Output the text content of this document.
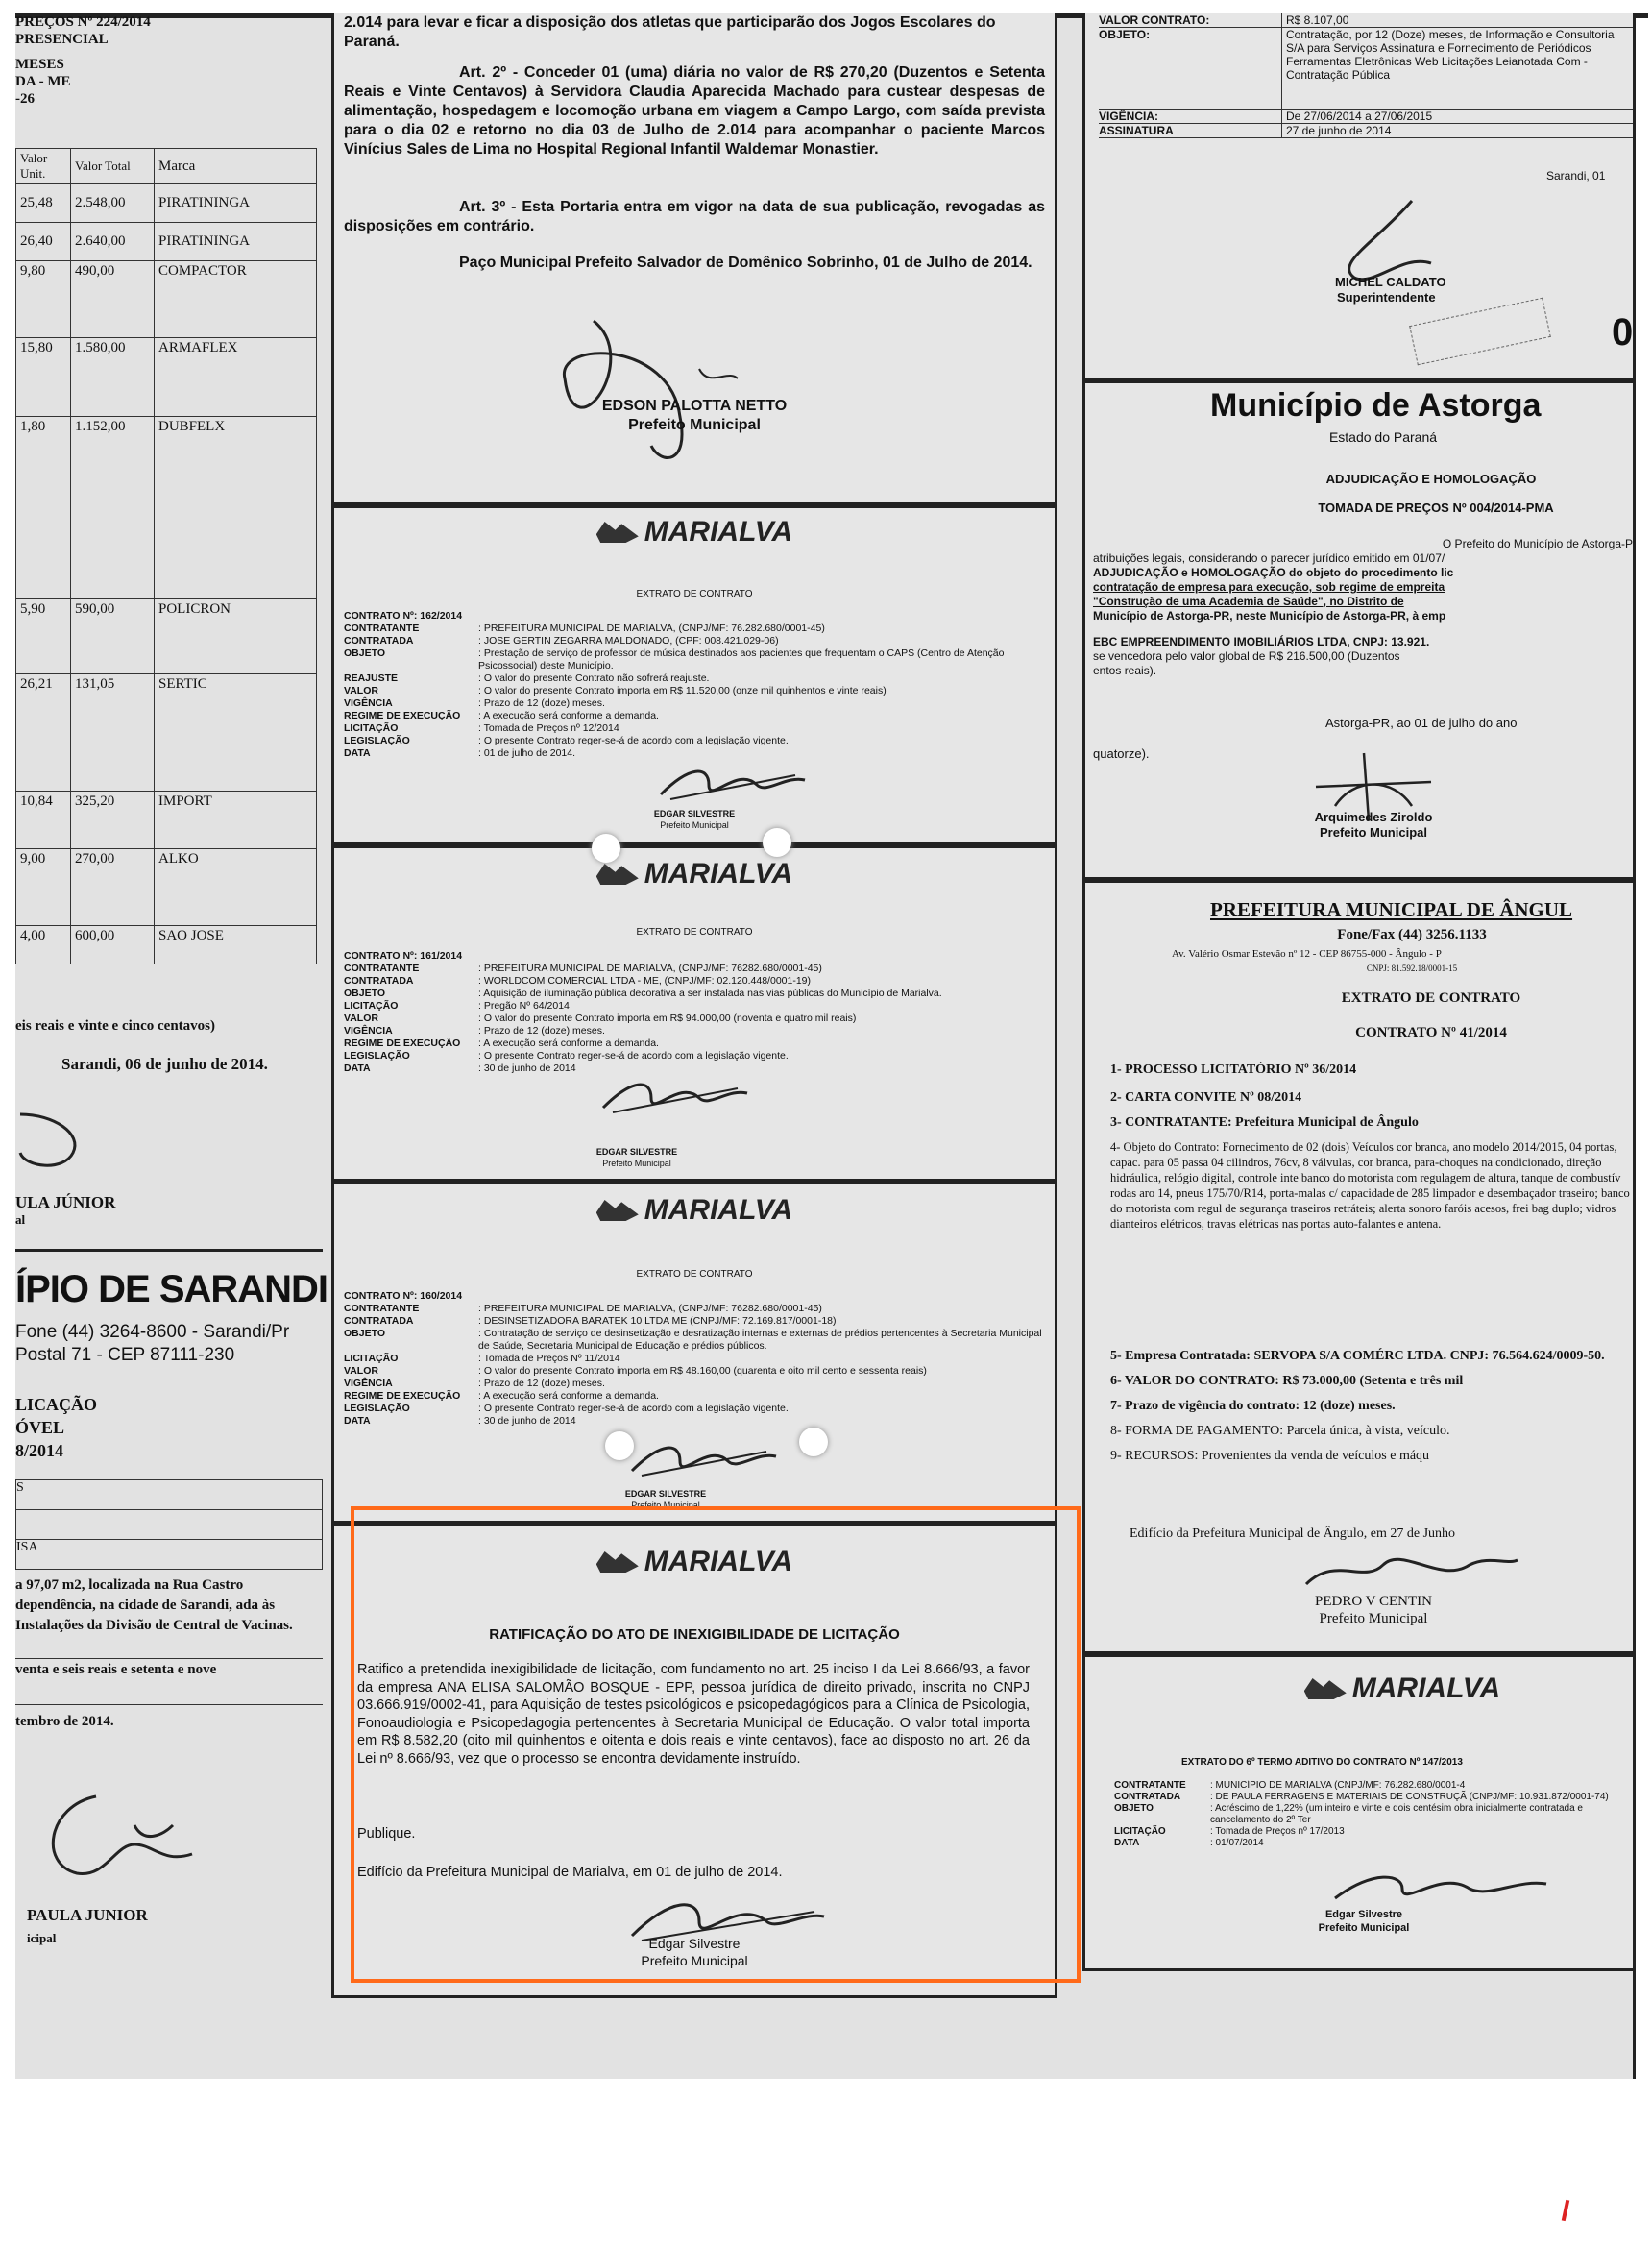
PREÇOS Nº 224/2014
PRESENCIAL
MESES
DA - ME
-26
Valor Unit.	Valor Total	Marca
25,48	2.548,00	PIRATININGA
26,40	2.640,00	PIRATININGA
9,80	490,00	COMPACTOR
15,80	1.580,00	ARMAFLEX
1,80	1.152,00	DUBFELX
5,90	590,00	POLICRON
26,21	131,05	SERTIC
10,84	325,20	IMPORT
9,00	270,00	ALKO
4,00	600,00	SAO JOSE
eis reais e vinte e cinco centavos)
Sarandi, 06 de junho de 2014.
ULA JÚNIOR
al
ÍPIO DE SARANDI
Fone (44) 3264-8600 - Sarandi/Pr
Postal 71 - CEP 87111-230
LICAÇÃO
ÓVEL
8/2014
S
ISA
a 97,07 m2, localizada na Rua Castro dependência, na cidade de Sarandi, ada às Instalações da Divisão de Central de Vacinas.
venta e seis reais e setenta e nove
tembro de 2014.
PAULA JUNIOR
icipal
2.014 para levar e ficar a disposição dos atletas que participarão dos Jogos Escolares do Paraná.
Art. 2º - Conceder 01 (uma) diária no valor de R$ 270,20 (Duzentos e Setenta Reais e Vinte Centavos) à Servidora Claudia Aparecida Machado para custear despesas de alimentação, hospedagem e locomoção urbana em viagem a Campo Largo, com saída prevista para o dia 02 e retorno no dia 03 de Julho de 2.014 para acompanhar o paciente Marcos Vinícius Sales de Lima no Hospital Regional Infantil Waldemar Monastier.
Art. 3º - Esta Portaria entra em vigor na data de sua publicação, revogadas as disposições em contrário.
Paço Municipal Prefeito Salvador de Domênico Sobrinho, 01 de Julho de 2014.
EDSON PALOTTA NETTO
Prefeito Municipal
MARIALVA
EXTRATO DE CONTRATO
CONTRATO Nº: 162/2014
CONTRATANTE	: PREFEITURA MUNICIPAL DE MARIALVA, (CNPJ/MF: 76.282.680/0001-45)
CONTRATADA	: JOSE GERTIN ZEGARRA MALDONADO, (CPF: 008.421.029-06)
OBJETO	: Prestação de serviço de professor de música destinados aos pacientes que frequentam o CAPS (Centro de Atenção Psicossocial) deste Município.
REAJUSTE	: O valor do presente Contrato não sofrerá reajuste.
VALOR	: O valor do presente Contrato importa em R$ 11.520,00 (onze mil quinhentos e vinte reais)
VIGÊNCIA	: Prazo de 12 (doze) meses.
REGIME DE EXECUÇÃO	: A execução será conforme a demanda.
LICITAÇÃO	: Tomada de Preços nº 12/2014
LEGISLAÇÃO	: O presente Contrato reger-se-á de acordo com a legislação vigente.
DATA	: 01 de julho de 2014.
EDGAR SILVESTRE
Prefeito Municipal
MARIALVA
EXTRATO DE CONTRATO
CONTRATO Nº: 161/2014
CONTRATANTE	: PREFEITURA MUNICIPAL DE MARIALVA, (CNPJ/MF: 76282.680/0001-45)
CONTRATADA	: WORLDCOM COMERCIAL LTDA - ME, (CNPJ/MF: 02.120.448/0001-19)
OBJETO	: Aquisição de iluminação pública decorativa a ser instalada nas vias públicas do Município de Marialva.
LICITAÇÃO	: Pregão Nº 64/2014
VALOR	: O valor do presente Contrato importa em R$ 94.000,00 (noventa e quatro mil reais)
VIGÊNCIA	: Prazo de 12 (doze) meses.
REGIME DE EXECUÇÃO	: A execução será conforme a demanda.
LEGISLAÇÃO	: O presente Contrato reger-se-á de acordo com a legislação vigente.
DATA	: 30 de junho de 2014
EDGAR SILVESTRE
Prefeito Municipal
MARIALVA
EXTRATO DE CONTRATO
CONTRATO Nº: 160/2014
CONTRATANTE	: PREFEITURA MUNICIPAL DE MARIALVA, (CNPJ/MF: 76282.680/0001-45)
CONTRATADA	: DESINSETIZADORA BARATEK 10 LTDA ME (CNPJ/MF: 72.169.817/0001-18)
OBJETO	: Contratação de serviço de desinsetização e desratização internas e externas de prédios pertencentes à Secretaria Municipal de Saúde, Secretaria Municipal de Educação e prédios públicos.
LICITAÇÃO	: Tomada de Preços Nº 11/2014
VALOR	: O valor do presente Contrato importa em R$ 48.160,00 (quarenta e oito mil cento e sessenta reais)
VIGÊNCIA	: Prazo de 12 (doze) meses.
REGIME DE EXECUÇÃO	: A execução será conforme a demanda.
LEGISLAÇÃO	: O presente Contrato reger-se-á de acordo com a legislação vigente.
DATA	: 30 de junho de 2014
EDGAR SILVESTRE
Prefeito Municipal
MARIALVA
RATIFICAÇÃO DO ATO DE INEXIGIBILIDADE DE LICITAÇÃO
Ratifico a pretendida inexigibilidade de licitação, com fundamento no art. 25 inciso I da Lei 8.666/93, a favor da empresa ANA ELISA SALOMÃO BOSQUE - EPP, pessoa jurídica de direito privado, inscrita no CNPJ 03.666.919/0002-41, para Aquisição de testes psicológicos e psicopedagógicos para a Clínica de Psicologia, Fonoaudiologia e Psicopedagogia pertencentes à Secretaria Municipal de Educação. O valor total importa em R$ 8.582,20 (oito mil quinhentos e oitenta e dois reais e vinte centavos), face ao disposto no art. 26 da Lei nº 8.666/93, vez que o processo se encontra devidamente instruído.
Publique.
Edifício da Prefeitura Municipal de Marialva, em 01 de julho de 2014.
Edgar Silvestre
Prefeito Municipal
VALOR CONTRATO:	R$ 8.107,00
OBJETO:	Contratação, por 12 (Doze) meses, de Informação e Consultoria S/A para Serviços Assinatura e Fornecimento de Periódicos Ferramentas Eletrônicas Web Licitações Leianotada Com - Contratação Pública
VIGÊNCIA:	De 27/06/2014 a 27/06/2015
ASSINATURA	27 de junho de 2014
Sarandi, 01
MICHEL CALDATO
Superintendente
0
Município de Astorga
Estado do Paraná
ADJUDICAÇÃO E HOMOLOGAÇÃO
TOMADA DE PREÇOS Nº 004/2014-PMA
O Prefeito do Município de Astorga-P
atribuições legais, considerando o parecer jurídico emitido em 01/07/
ADJUDICAÇÃO e HOMOLOGAÇÃO do objeto do procedimento lic
contratação de empresa para execução, sob regime de empreita
"Construção de uma Academia de Saúde", no Distrito de
Município de Astorga-PR, neste Município de Astorga-PR, à emp
EBC EMPREENDIMENTO IMOBILIÁRIOS LTDA, CNPJ: 13.921.
se vencedora pelo valor global de R$ 216.500,00 (Duzentos
entos reais).
Astorga-PR, ao 01 de julho do ano
quatorze).
Arquimedes Ziroldo
Prefeito Municipal
PREFEITURA MUNICIPAL DE ÂNGUL
Fone/Fax (44) 3256.1133
Av. Valério Osmar Estevão nº 12 - CEP 86755-000 - Ângulo - P
CNPJ: 81.592.18/0001-15
EXTRATO DE CONTRATO
CONTRATO Nº 41/2014

1- PROCESSO LICITATÓRIO Nº 36/2014

2- CARTA CONVITE Nº 08/2014

3- CONTRATANTE: Prefeitura Municipal de Ângulo

4- Objeto do Contrato: Fornecimento de 02 (dois) Veículos cor branca, ano modelo 2014/2015, 04 portas, capac. para 05 passa 04 cilindros, 76cv, 8 válvulas, cor branca, para-choques na condicionado, direção hidráulica, relógio digital, controle inte banco do motorista com regulagem de altura, tanque de combustív rodas aro 14, pneus 175/70/R14, porta-malas c/ capacidade de 285 limpador e desembaçador traseiro; banco do motorista com regul de segurança traseiros retráteis; alerta sonoro faróis acesos, frei bag duplo; vidros dianteiros elétricos, travas elétricas nas portas auto-falantes e antena.

5- Empresa Contratada: SERVOPA S/A COMÉRC LTDA. CNPJ: 76.564.624/0009-50.

6- VALOR DO CONTRATO: R$ 73.000,00 (Setenta e três mil

7- Prazo de vigência do contrato: 12 (doze) meses.

8- FORMA DE PAGAMENTO: Parcela única, à vista, veículo.

9- RECURSOS: Provenientes da venda de veículos e máqu

Edifício da Prefeitura Municipal de Ângulo, em 27 de Junho
PEDRO V CENTIN
Prefeito Municipal
MARIALVA
EXTRATO DO 6º TERMO ADITIVO DO CONTRATO Nº 147/2013
CONTRATANTE	: MUNICÍPIO DE MARIALVA (CNPJ/MF: 76.282.680/0001-4
CONTRATADA	: DE PAULA FERRAGENS E MATERIAIS DE CONSTRUÇÃ (CNPJ/MF: 10.931.872/0001-74)
OBJETO	: Acréscimo de 1,22% (um inteiro e vinte e dois centésim obra inicialmente contratada e cancelamento do 2º Ter
LICITAÇÃO	: Tomada de Preços nº 17/2013
DATA	: 01/07/2014
Edgar Silvestre
Prefeito Municipal
